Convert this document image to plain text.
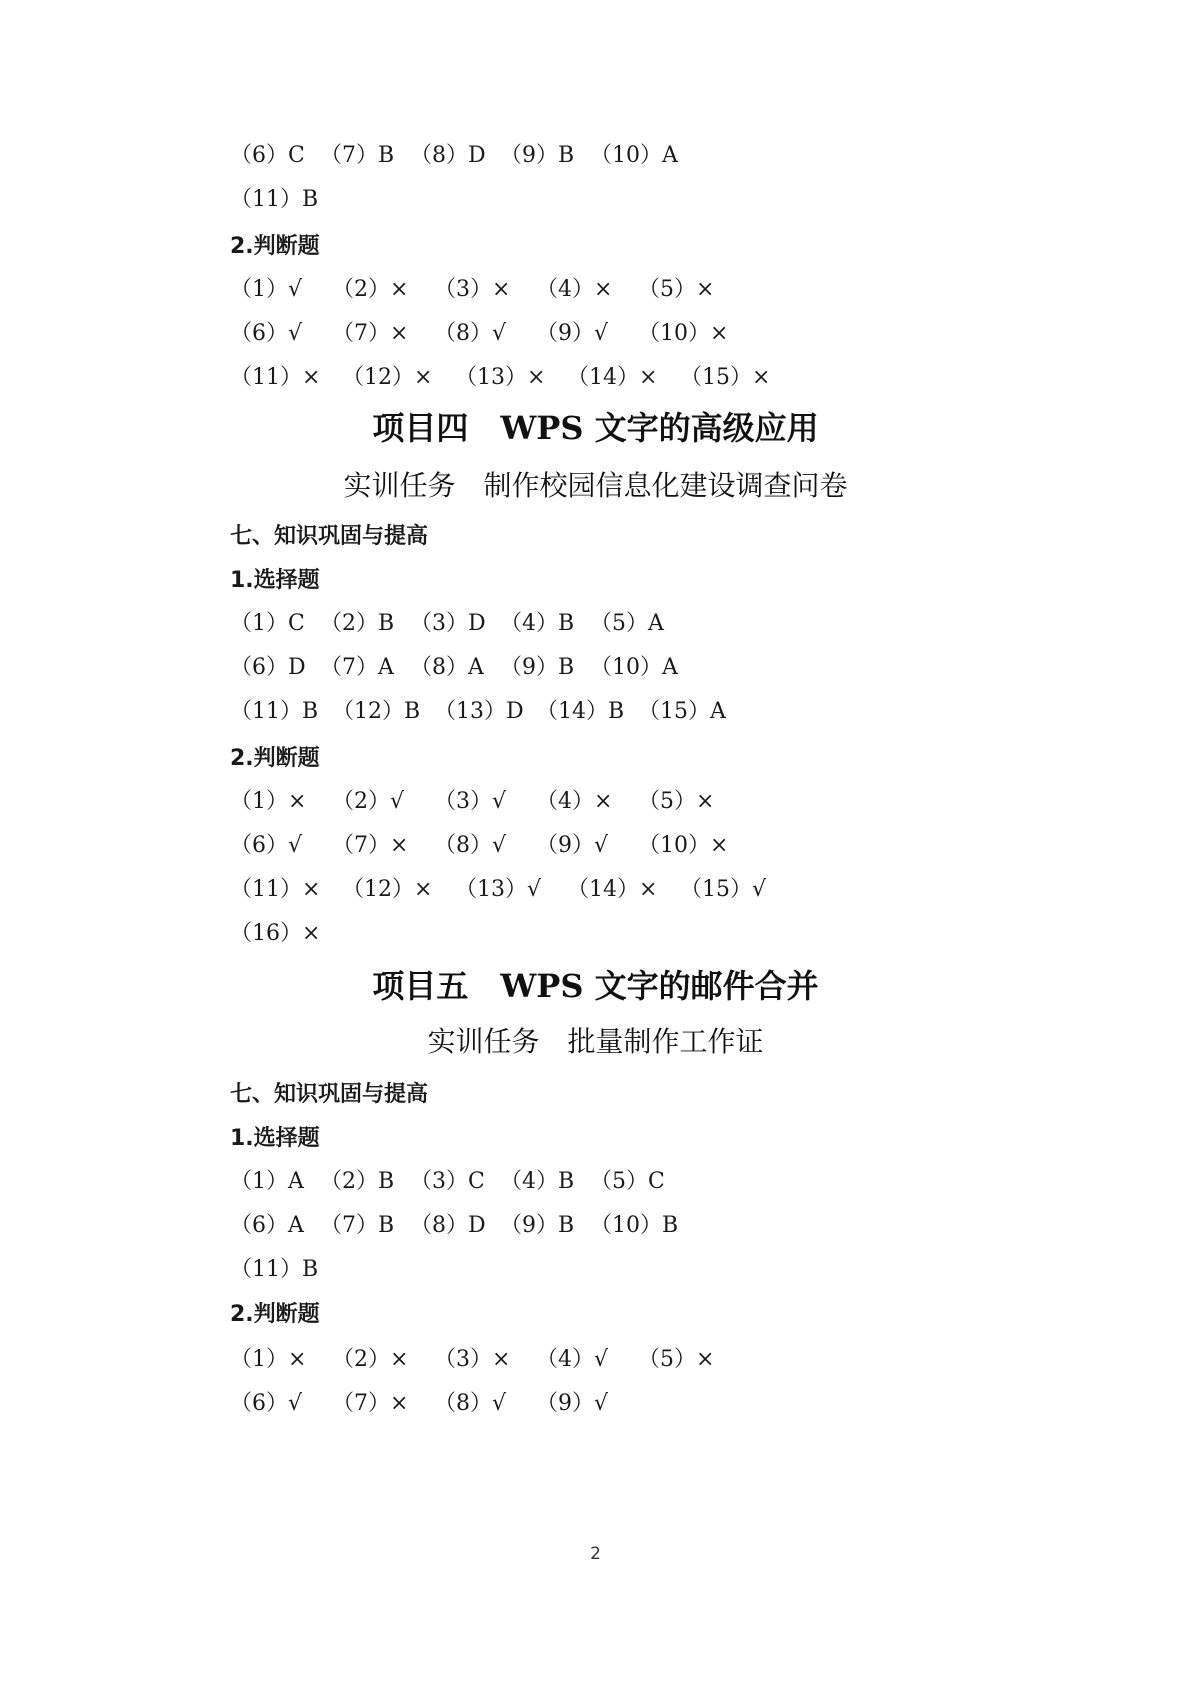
（6）C （7）B （8）D （9）B （10）A
（11）B
2.判断题
（1）√ （2）× （3）× （4）× （5）×
（6）√ （7）× （8）√ （9）√ （10）×
（11）× （12）× （13）× （14）× （15）×
项目四　WPS 文字的高级应用
实训任务　制作校园信息化建设调查问卷
七、知识巩固与提高
1.选择题
（1）C （2）B （3）D （4）B （5）A
（6）D （7）A （8）A （9）B （10）A
（11）B （12）B （13）D （14）B （15）A
2.判断题
（1）× （2）√ （3）√ （4）× （5）×
（6）√ （7）× （8）√ （9）√ （10）×
（11）× （12）× （13）√ （14）× （15）√
（16）×
项目五　WPS 文字的邮件合并
实训任务　批量制作工作证
七、知识巩固与提高
1.选择题
（1）A （2）B （3）C （4）B （5）C
（6）A （7）B （8）D （9）B （10）B
（11）B
2.判断题
（1）× （2）× （3）× （4）√ （5）×
（6）√ （7）× （8）√ （9）√
2
